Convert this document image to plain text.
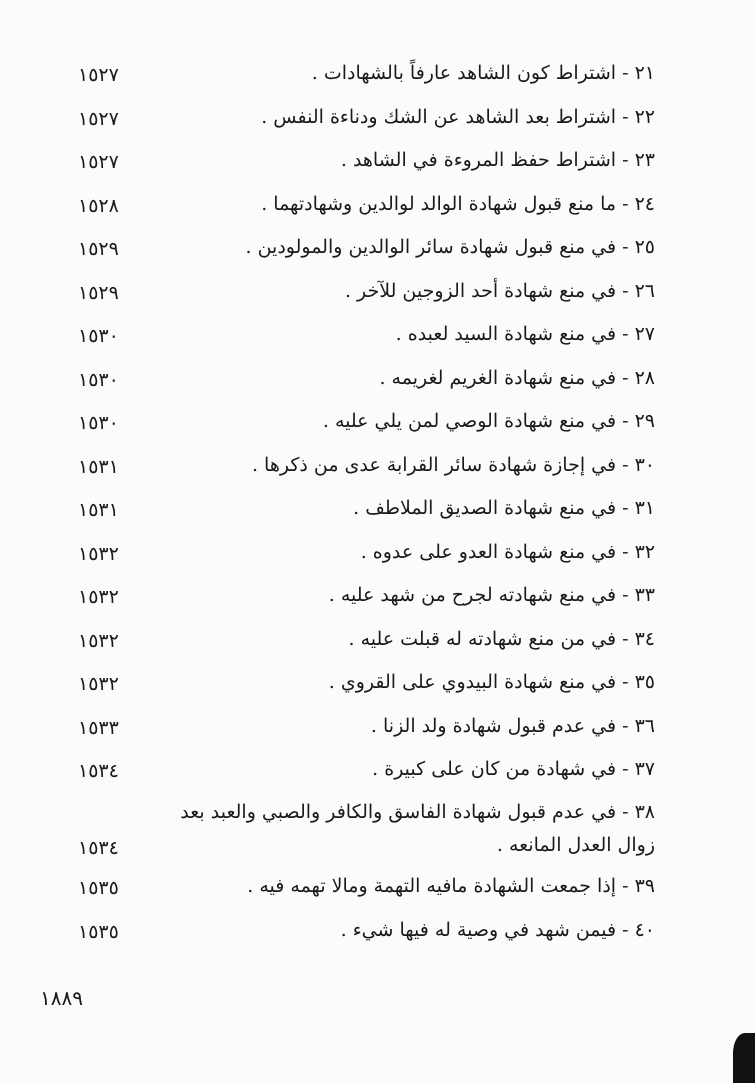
٢١ - اشتراط كون الشاهد عارفاً بالشهادات .
١٥٢٧
٢٢ - اشتراط بعد الشاهد عن الشك ودناءة النفس .
١٥٢٧
٢٣ - اشتراط حفظ المروءة في الشاهد .
١٥٢٧
٢٤ - ما منع قبول شهادة الوالد لوالدين وشهادتهما .
١٥٢٨
٢٥ - في منع قبول شهادة سائر الوالدين والمولودين .
١٥٢٩
٢٦ - في منع شهادة أحد الزوجين للآخر .
١٥٢٩
٢٧ - في منع شهادة السيد لعبده .
١٥٣٠
٢٨ - في منع شهادة الغريم لغريمه .
١٥٣٠
٢٩ - في منع شهادة الوصي لمن يلي عليه .
١٥٣٠
٣٠ - في إجازة شهادة سائر القرابة عدى من ذكرها .
١٥٣١
٣١ - في منع شهادة الصديق الملاطف .
١٥٣١
٣٢ - في منع شهادة العدو على عدوه .
١٥٣٢
٣٣ - في منع شهادته لجرح من شهد عليه .
١٥٣٢
٣٤ - في من منع شهادته له قبلت عليه .
١٥٣٢
٣٥ - في منع شهادة البيدوي على القروي .
١٥٣٢
٣٦ - في عدم قبول شهادة ولد الزنا .
١٥٣٣
٣٧ - في شهادة من كان على كبيرة .
١٥٣٤
٣٨ - في عدم قبول شهادة الفاسق والكافر والصبي والعبد بعد زوال العدل المانعه .
١٥٣٤
٣٩ - إذا جمعت الشهادة مافيه التهمة ومالا تهمه فيه .
١٥٣٥
٤٠ - فيمن شهد في وصية له فيها شيء .
١٥٣٥
١٨٨٩
